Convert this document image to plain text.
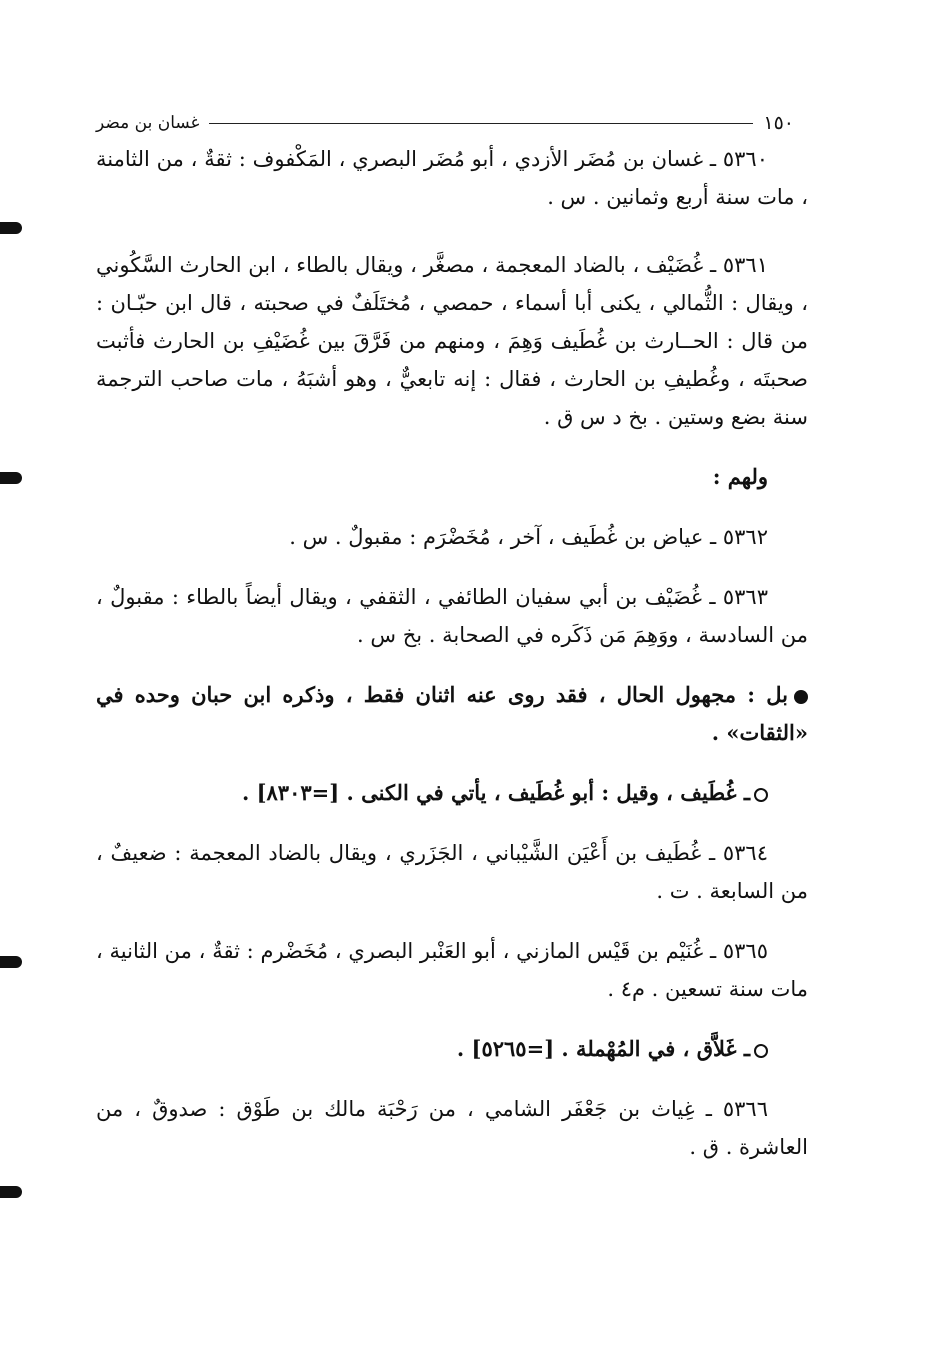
١٥٠
غسان بن مضر

٥٣٦٠ ـ غسان بن مُضَر الأزدي ، أبو مُضَر البصري ، المَكْفوف : ثقةٌ ، من الثامنة ، مات سنة أربع وثمانين . س .

٥٣٦١ ـ غُضَيْف ، بالضاد المعجمة ، مصغَّر ، ويقال بالطاء ، ابن الحارث السَّكُوني ، ويقال : الثُّمالي ، يكنى أبا أسماء ، حمصي ، مُختَلَفٌ في صحبته ، قال ابن حبّـان : من قال : الحــارث بن غُطَيف وَهِمَ ، ومنهم من فَرَّقَ بين غُضَيْفِ بن الحارث فأثبت صحبتَه ، وغُطيفِ بن الحارث ، فقال : إنه تابعيٌّ ، وهو أشبَهُ ، مات صاحب الترجمة سنة بضع وستين . بخ د س ق .

ولهم :

٥٣٦٢ ـ عياض بن غُطَيف ، آخر ، مُخَضْرَم : مقبولٌ . س .

٥٣٦٣ ـ غُضَيْف بن أبي سفيان الطائفي ، الثقفي ، ويقال أيضاً بالطاء : مقبولٌ ، من السادسة ، ووَهِمَ مَن ذَكَره في الصحابة . بخ س .

بل : مجهول الحال ، فقد روى عنه اثنان فقط ، وذكره ابن حبان وحده في «الثقات» .

ـ غُطَيف ، وقيل : أبو غُطَيف ، يأتي في الكنى . [=٨٣٠٣] .

٥٣٦٤ ـ غُطَيف بن أَعْيَن الشَّيْباني ، الجَزَري ، ويقال بالضاد المعجمة : ضعيفٌ ، من السابعة . ت .

٥٣٦٥ ـ غُنَيْم بن قَيْس المازني ، أبو العَنْبر البصري ، مُخَضْرم : ثقةٌ ، من الثانية ، مات سنة تسعين . م٤ .

ـ غَلاَّق ، في المُهْملة . [=٥٢٦٥] .

٥٣٦٦ ـ غِياث بن جَعْفَر الشامي ، من رَحْبَة مالك بن طَوْق : صدوقٌ ، من العاشرة . ق .
